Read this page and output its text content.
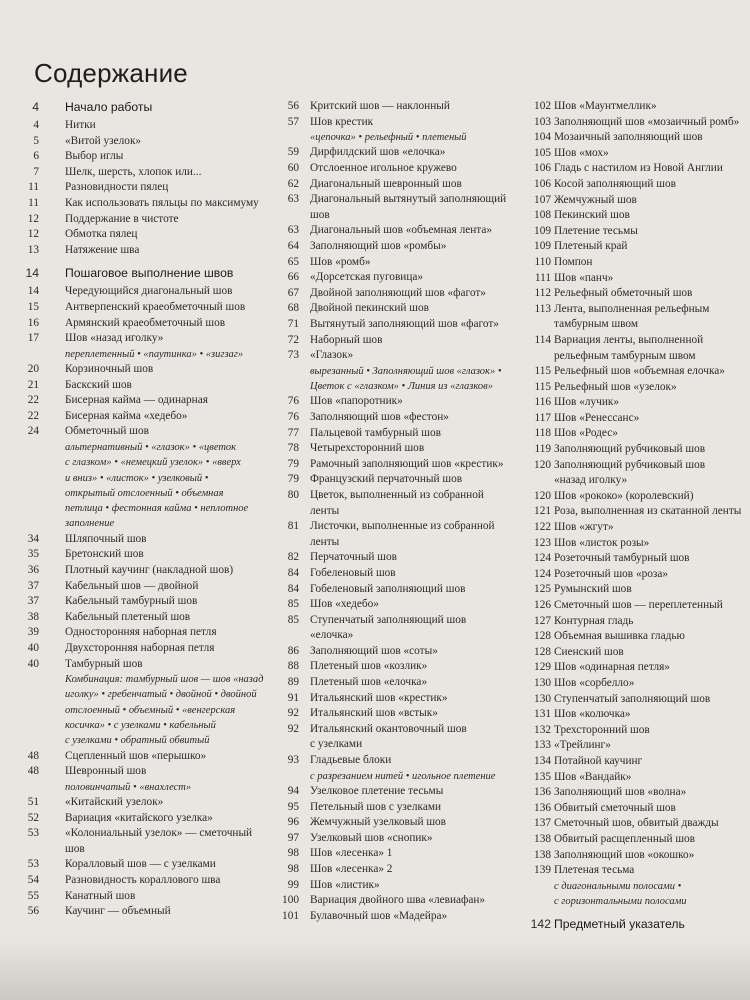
Содержание
4 Начало работы
4 Нитки
5 «Витой узелок»
6 Выбор иглы
7 Шелк, шерсть, хлопок или...
11 Разновидности пялец
11 Как использовать пяльцы по максимуму
12 Поддержание в чистоте
12 Обмотка пялец
13 Натяжение шва
14 Пошаговое выполнение швов
14 Чередующийся диагональный шов
15 Антверпенский краеобметочный шов
16 Армянский краеобметочный шов
17 Шов «назад иголку»
переплетенный • «паутинка» • «зигзаг»
20 Корзиночный шов
21 Баскский шов
22 Бисерная кайма — одинарная
22 Бисерная кайма «хедебо»
24 Обметочный шов
альтернативный • «глазок» • «цветок
с глазком» • «немецкий узелок» • «вверх
и вниз» • «листок» • узелковый •
открытый отслоенный • объемная
петлица • фестонная кайма • неплотное
заполнение
34 Шляпочный шов
35 Бретонский шов
36 Плотный каучинг (накладной шов)
37 Кабельный шов — двойной
37 Кабельный тамбурный шов
38 Кабельный плетеный шов
39 Односторонняя наборная петля
40 Двухсторонняя наборная петля
40 Тамбурный шов
Комбинация: тамбурный шов — шов «назад
иголку» • гребенчатый • двойной • двойной
отслоенный • объемный • «венгерская
косичка» • с узелками • кабельный
с узелками • обратный обвитый
48 Сцепленный шов «перышко»
48 Шевронный шов
половинчатый • «внахлест»
51 «Китайский узелок»
52 Вариация «китайского узелка»
53 «Колониальный узелок» — сметочный
шов
53 Коралловый шов — с узелками
54 Разновидность кораллового шва
55 Канатный шов
56 Каучинг — объемный
56 Критский шов — наклонный
57 Шов крестик
«цепочка» • рельефный • плетеный
59 Дирфилдский шов «елочка»
60 Отслоенное игольное кружево
62 Диагональный шевронный шов
63 Диагональный вытянутый заполняющий
шов
63 Диагональный шов «объемная лента»
64 Заполняющий шов «ромбы»
65 Шов «ромб»
66 «Дорсетская пуговица»
67 Двойной заполняющий шов «фагот»
68 Двойной пекинский шов
71 Вытянутый заполняющий шов «фагот»
72 Наборный шов
73 «Глазок»
вырезанный • Заполняющий шов «глазок» •
Цветок с «глазком» • Линия из «глазков»
76 Шов «папоротник»
76 Заполняющий шов «фестон»
77 Пальцевой тамбурный шов
78 Четырехсторонний шов
79 Рамочный заполняющий шов «крестик»
79 Французский перчаточный шов
80 Цветок, выполненный из собранной
ленты
81 Листочки, выполненные из собранной
ленты
82 Перчаточный шов
84 Гобеленовый шов
84 Гобеленовый заполняющий шов
85 Шов «хедебо»
85 Ступенчатый заполняющий шов
«елочка»
86 Заполняющий шов «соты»
88 Плетеный шов «козлик»
89 Плетеный шов «елочка»
91 Итальянский шов «крестик»
92 Итальянский шов «встык»
92 Итальянский окантовочный шов
с узелками
93 Гладьевые блоки
с разрезанием нитей • игольное плетение
94 Узелковое плетение тесьмы
95 Петельный шов с узелками
96 Жемчужный узелковый шов
97 Узелковый шов «снопик»
98 Шов «лесенка» 1
98 Шов «лесенка» 2
99 Шов «листик»
100 Вариация двойного шва «левиафан»
101 Булавочный шов «Мадейра»
102 Шов «Маунтмеллик»
103 Заполняющий шов «мозаичный ромб»
104 Мозаичный заполняющий шов
105 Шов «мох»
106 Гладь с настилом из Новой Англии
106 Косой заполняющий шов
107 Жемчужный шов
108 Пекинский шов
109 Плетение тесьмы
109 Плетеный край
110 Помпон
111 Шов «панч»
112 Рельефный обметочный шов
113 Лента, выполненная рельефным
тамбурным швом
114 Вариация ленты, выполненной
рельефным тамбурным швом
115 Рельефный шов «объемная елочка»
115 Рельефный шов «узелок»
116 Шов «лучик»
117 Шов «Ренессанс»
118 Шов «Родес»
119 Заполняющий рубчиковый шов
120 Заполняющий рубчиковый шов
«назад иголку»
120 Шов «рококо» (королевский)
121 Роза, выполненная из скатанной ленты
122 Шов «жгут»
123 Шов «листок розы»
124 Розеточный тамбурный шов
124 Розеточный шов «роза»
125 Румынский шов
126 Сметочный шов — переплетенный
127 Контурная гладь
128 Объемная вышивка гладью
128 Сиенский шов
129 Шов «одинарная петля»
130 Шов «сорбелло»
130 Ступенчатый заполняющий шов
131 Шов «колючка»
132 Трехсторонний шов
133 «Трейлинг»
134 Потайной каучинг
135 Шов «Вандайк»
136 Заполняющий шов «волна»
136 Обвитый сметочный шов
137 Сметочный шов, обвитый дважды
138 Обвитый расщепленный шов
138 Заполняющий шов «окошко»
139 Плетеная тесьма
с диагональными полосами •
с горизонтальными полосами
142 Предметный указатель
